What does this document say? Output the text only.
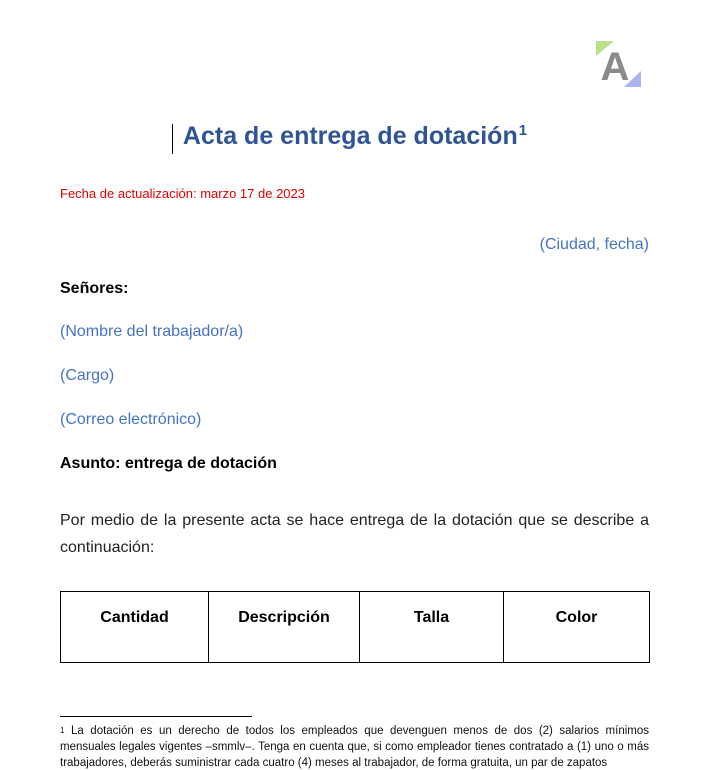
A
Acta de entrega de dotación$^1$
Fecha de actualización: marzo 17 de 2023
(Ciudad, fecha)
Señores:
(Nombre del trabajador/a)
(Cargo)
(Correo electrónico)
Asunto: entrega de dotación
Por medio de la presente acta se hace entrega de la dotación que se describe a continuación:
Cantidad	Descripción	Talla	Color
$^1$ La dotación es un derecho de todos los empleados que devenguen menos de dos (2) salarios mínimos mensuales legales vigentes –smmlv–. Tenga en cuenta que, si como empleador tienes contratado a (1) uno o más trabajadores, deberás suministrar cada cuatro (4) meses al trabajador, de forma gratuita, un par de zapatos
